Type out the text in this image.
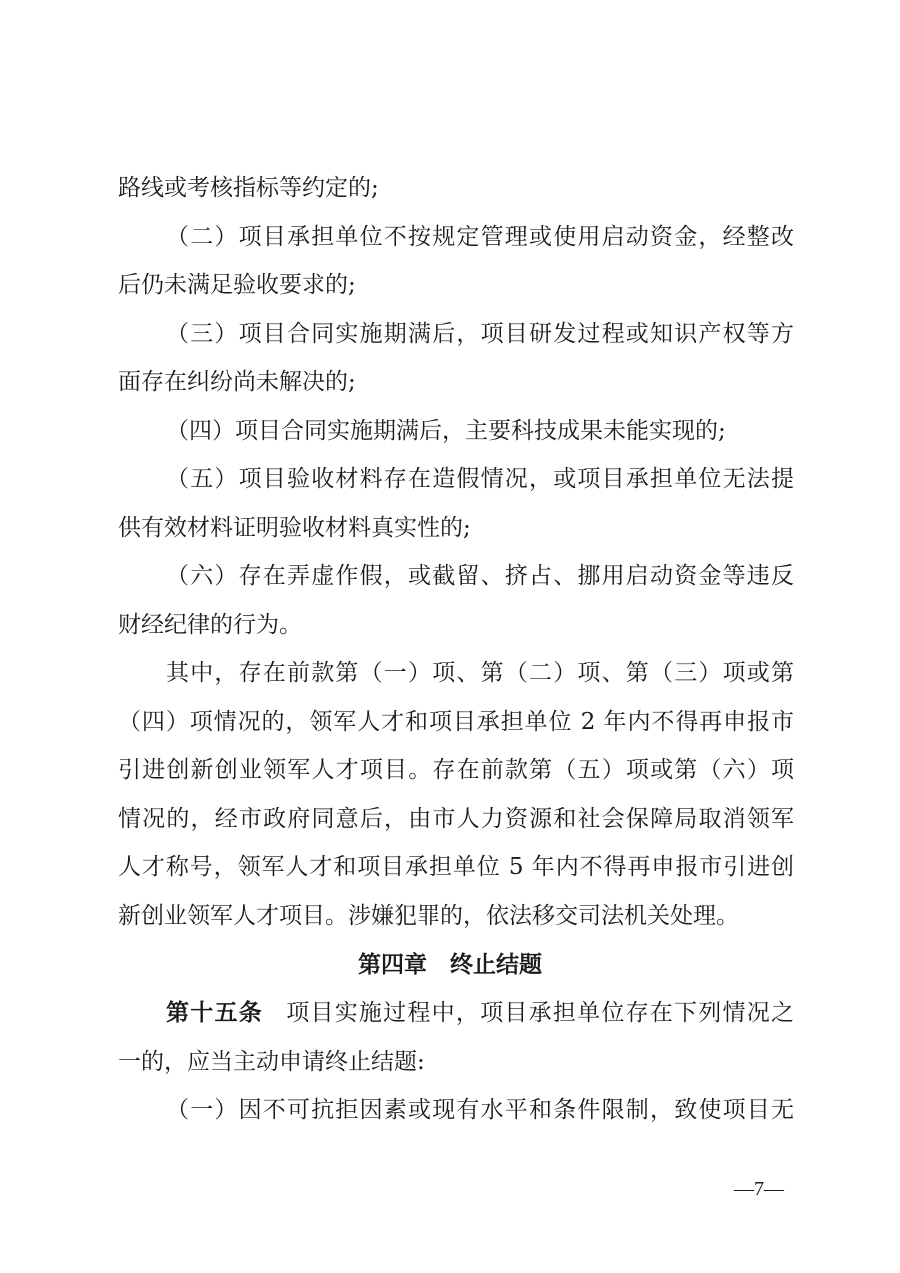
路线或考核指标等约定的;
（二）项目承担单位不按规定管理或使用启动资金，经整改
后仍未满足验收要求的;
（三）项目合同实施期满后，项目研发过程或知识产权等方
面存在纠纷尚未解决的;
（四）项目合同实施期满后，主要科技成果未能实现的;
（五）项目验收材料存在造假情况，或项目承担单位无法提
供有效材料证明验收材料真实性的;
（六）存在弄虚作假，或截留、挤占、挪用启动资金等违反
财经纪律的行为。
其中，存在前款第（一）项、第（二）项、第（三）项或第
（四）项情况的，领军人才和项目承担单位 2 年内不得再申报市
引进创新创业领军人才项目。存在前款第（五）项或第（六）项
情况的，经市政府同意后，由市人力资源和社会保障局取消领军
人才称号，领军人才和项目承担单位 5 年内不得再申报市引进创
新创业领军人才项目。涉嫌犯罪的，依法移交司法机关处理。
第四章　终止结题
第十五条 项目实施过程中，项目承担单位存在下列情况之
一的，应当主动申请终止结题:
（一）因不可抗拒因素或现有水平和条件限制，致使项目无
—7—
